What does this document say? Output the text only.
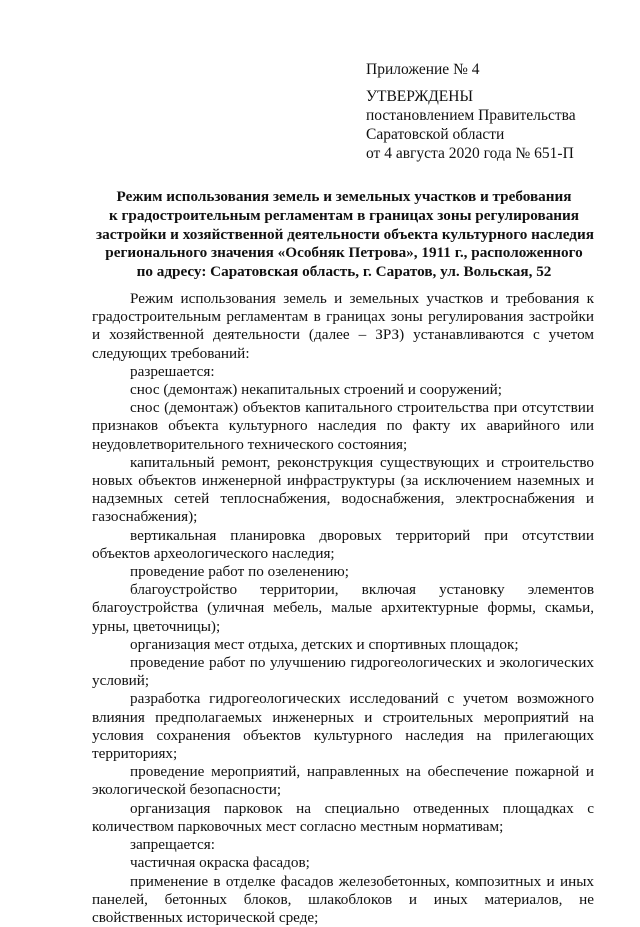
Приложение № 4
УТВЕРЖДЕНЫ
постановлением Правительства
Саратовской области
от 4 августа 2020 года № 651-П
Режим использования земель и земельных участков и требования
к градостроительным регламентам в границах зоны регулирования
застройки и хозяйственной деятельности объекта культурного наследия
регионального значения «Особняк Петрова», 1911 г., расположенного
по адресу: Саратовская область, г. Саратов, ул. Вольская, 52

Режим использования земель и земельных участков и требования к градостроительным регламентам в границах зоны регулирования застройки и хозяйственной деятельности (далее – ЗРЗ) устанавливаются с учетом следующих требований:

разрешается:

снос (демонтаж) некапитальных строений и сооружений;

снос (демонтаж) объектов капитального строительства при отсутствии признаков объекта культурного наследия по факту их аварийного или неудовлетворительного технического состояния;

капитальный ремонт, реконструкция существующих и строительство новых объектов инженерной инфраструктуры (за исключением наземных и надземных сетей теплоснабжения, водоснабжения, электроснабжения и газоснабжения);

вертикальная планировка дворовых территорий при отсутствии объектов археологического наследия;

проведение работ по озеленению;

благоустройство территории, включая установку элементов благоустройства (уличная мебель, малые архитектурные формы, скамьи, урны, цветочницы);

организация мест отдыха, детских и спортивных площадок;

проведение работ по улучшению гидрогеологических и экологических условий;

разработка гидрогеологических исследований с учетом возможного влияния предполагаемых инженерных и строительных мероприятий на условия сохранения объектов культурного наследия на прилегающих территориях;

проведение мероприятий, направленных на обеспечение пожарной и экологической безопасности;

организация парковок на специально отведенных площадках с количеством парковочных мест согласно местным нормативам;

запрещается:

частичная окраска фасадов;

применение в отделке фасадов железобетонных, композитных и иных панелей, бетонных блоков, шлакоблоков и иных материалов, не свойственных исторической среде;
